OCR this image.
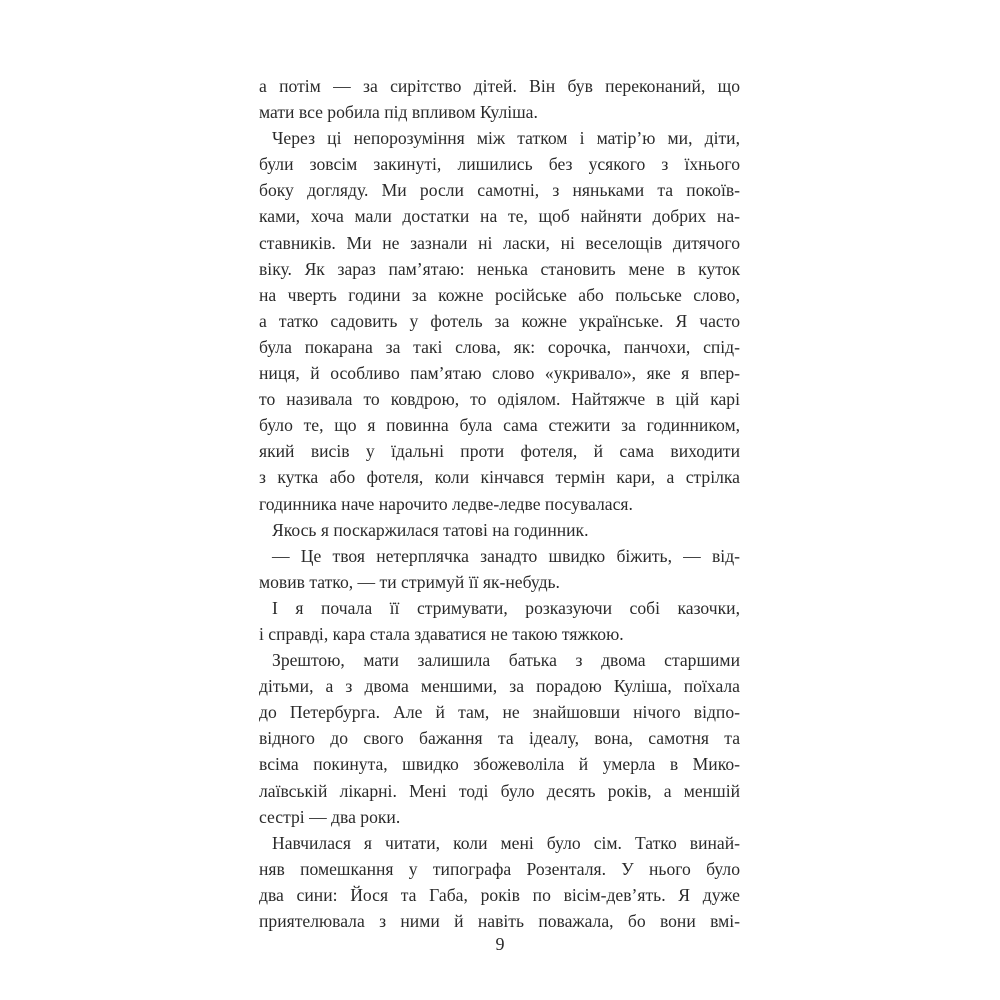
а потім — за сирітство дітей. Він був переконаний, що
мати все робила під впливом Куліша.
Через ці непорозуміння між татком і матір’ю ми, діти,
були зовсім закинуті, лишились без усякого з їхнього
боку догляду. Ми росли самотні, з няньками та покоїв-
ками, хоча мали достатки на те, щоб найняти добрих на-
ставників. Ми не зазнали ні ласки, ні веселощів дитячого
віку. Як зараз пам’ятаю: ненька становить мене в куток
на чверть години за кожне російське або польське слово,
а татко садовить у фотель за кожне українське. Я часто
була покарана за такі слова, як: сорочка, панчохи, спід-
ниця, й особливо пам’ятаю слово «укривало», яке я впер-
то називала то ковдрою, то одіялом. Найтяжче в цій карі
було те, що я повинна була сама стежити за годинником,
який висів у їдальні проти фотеля, й сама виходити
з кутка або фотеля, коли кінчався термін кари, а стрілка
годинника наче нарочито ледве-ледве посувалася.
Якось я поскаржилася татові на годинник.
— Це твоя нетерплячка занадто швидко біжить, — від-
мовив татко, — ти стримуй її як-небудь.
І я почала її стримувати, розказуючи собі казочки,
і справді, кара стала здаватися не такою тяжкою.
Зрештою, мати залишила батька з двома старшими
дітьми, а з двома меншими, за порадою Куліша, поїхала
до Петербурга. Але й там, не знайшовши нічого відпо-
відного до свого бажання та ідеалу, вона, самотня та
всіма покинута, швидко збожеволіла й умерла в Мико-
лаївській лікарні. Мені тоді було десять років, а меншій
сестрі — два роки.
Навчилася я читати, коли мені було сім. Татко винай-
няв помешкання у типографа Розенталя. У нього було
два сини: Йося та Габа, років по вісім-дев’ять. Я дуже
приятелювала з ними й навіть поважала, бо вони вмі-
9
